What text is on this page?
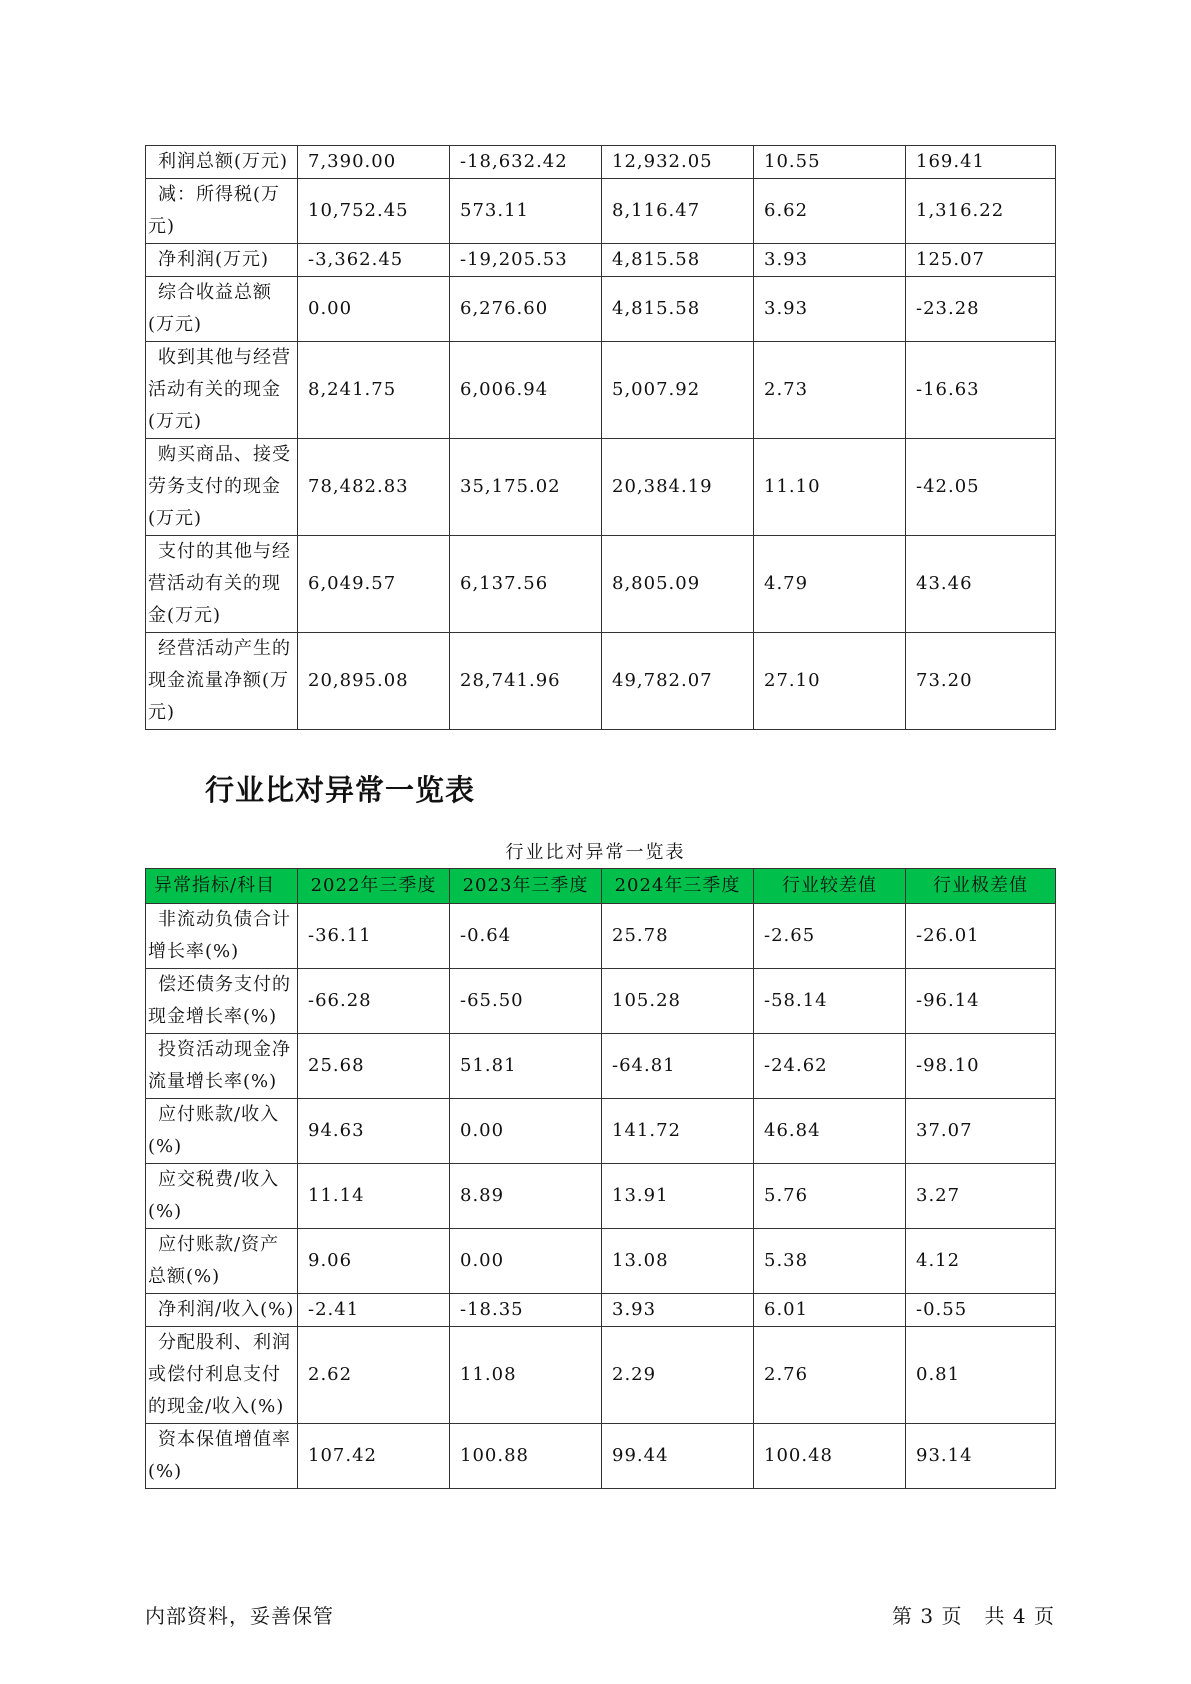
利润总额(万元)	7,390.00	-18,632.42	12,932.05	10.55	169.41
减：所得税(万元)	10,752.45	573.11	8,116.47	6.62	1,316.22
净利润(万元)	-3,362.45	-19,205.53	4,815.58	3.93	125.07
综合收益总额(万元)	0.00	6,276.60	4,815.58	3.93	-23.28
收到其他与经营活动有关的现金(万元)	8,241.75	6,006.94	5,007.92	2.73	-16.63
购买商品、接受劳务支付的现金(万元)	78,482.83	35,175.02	20,384.19	11.10	-42.05
支付的其他与经营活动有关的现金(万元)	6,049.57	6,137.56	8,805.09	4.79	43.46
经营活动产生的现金流量净额(万元)	20,895.08	28,741.96	49,782.07	27.10	73.20
行业比对异常一览表
行业比对异常一览表
异常指标/科目	2022年三季度	2023年三季度	2024年三季度	行业较差值	行业极差值
非流动负债合计增长率(%)	-36.11	-0.64	25.78	-2.65	-26.01
偿还债务支付的现金增长率(%)	-66.28	-65.50	105.28	-58.14	-96.14
投资活动现金净流量增长率(%)	25.68	51.81	-64.81	-24.62	-98.10
应付账款/收入(%)	94.63	0.00	141.72	46.84	37.07
应交税费/收入(%)	11.14	8.89	13.91	5.76	3.27
应付账款/资产总额(%)	9.06	0.00	13.08	5.38	4.12
净利润/收入(%)	-2.41	-18.35	3.93	6.01	-0.55
分配股利、利润或偿付利息支付的现金/收入(%)	2.62	11.08	2.29	2.76	0.81
资本保值增值率(%)	107.42	100.88	99.44	100.48	93.14
内部资料，妥善保管	第 3 页   共 4 页
